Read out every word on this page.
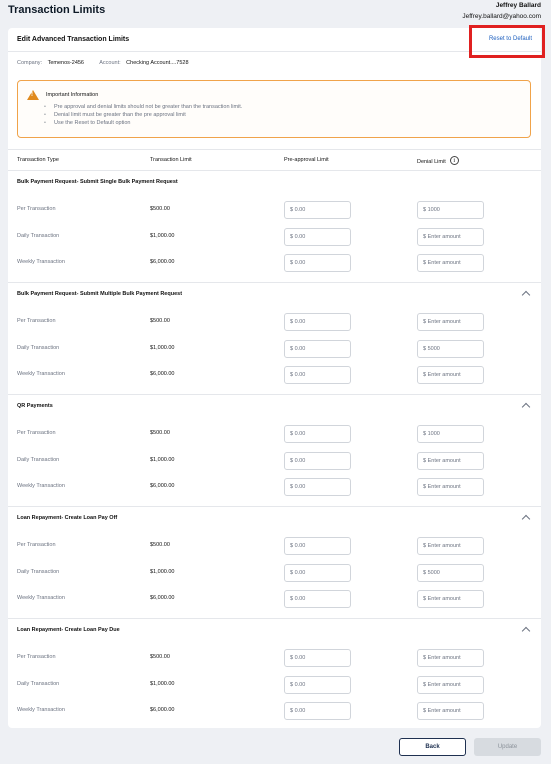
Transaction Limits	Jeffrey Ballard
Jeffrey.ballard@yahoo.com
Edit Advanced Transaction Limits	Reset to Default
Company: Temenos-2456	Account: Checking Account....7528
! Important Information
• Pre approval and denial limits should not be greater than the transaction limit.
• Denial limit must be greater than the pre approval limit
• Use the Reset to Default option
Transaction Type	Transaction Limit	Pre-approval Limit	Denial Limit i
Bulk Payment Request- Submit Single Bulk Payment Request
Per Transaction	$500.00	$ 0.00	$ 1000
Daily Transaction	$1,000.00	$ 0.00	$ Enter amount
Weekly Transaction	$6,000.00	$ 0.00	$ Enter amount
Bulk Payment Request- Submit Multiple Bulk Payment Request
Per Transaction	$500.00	$ 0.00	$ Enter amount
Daily Transaction	$1,000.00	$ 0.00	$ 5000
Weekly Transaction	$6,000.00	$ 0.00	$ Enter amount
QR Payments
Per Transaction	$500.00	$ 0.00	$ 1000
Daily Transaction	$1,000.00	$ 0.00	$ Enter amount
Weekly Transaction	$6,000.00	$ 0.00	$ Enter amount
Loan Repayment- Create Loan Pay Off
Per Transaction	$500.00	$ 0.00	$ Enter amount
Daily Transaction	$1,000.00	$ 0.00	$ 5000
Weekly Transaction	$6,000.00	$ 0.00	$ Enter amount
Loan Repayment- Create Loan Pay Due
Per Transaction	$500.00	$ 0.00	$ Enter amount
Daily Transaction	$1,000.00	$ 0.00	$ Enter amount
Weekly Transaction	$6,000.00	$ 0.00	$ Enter amount
Back	Update
